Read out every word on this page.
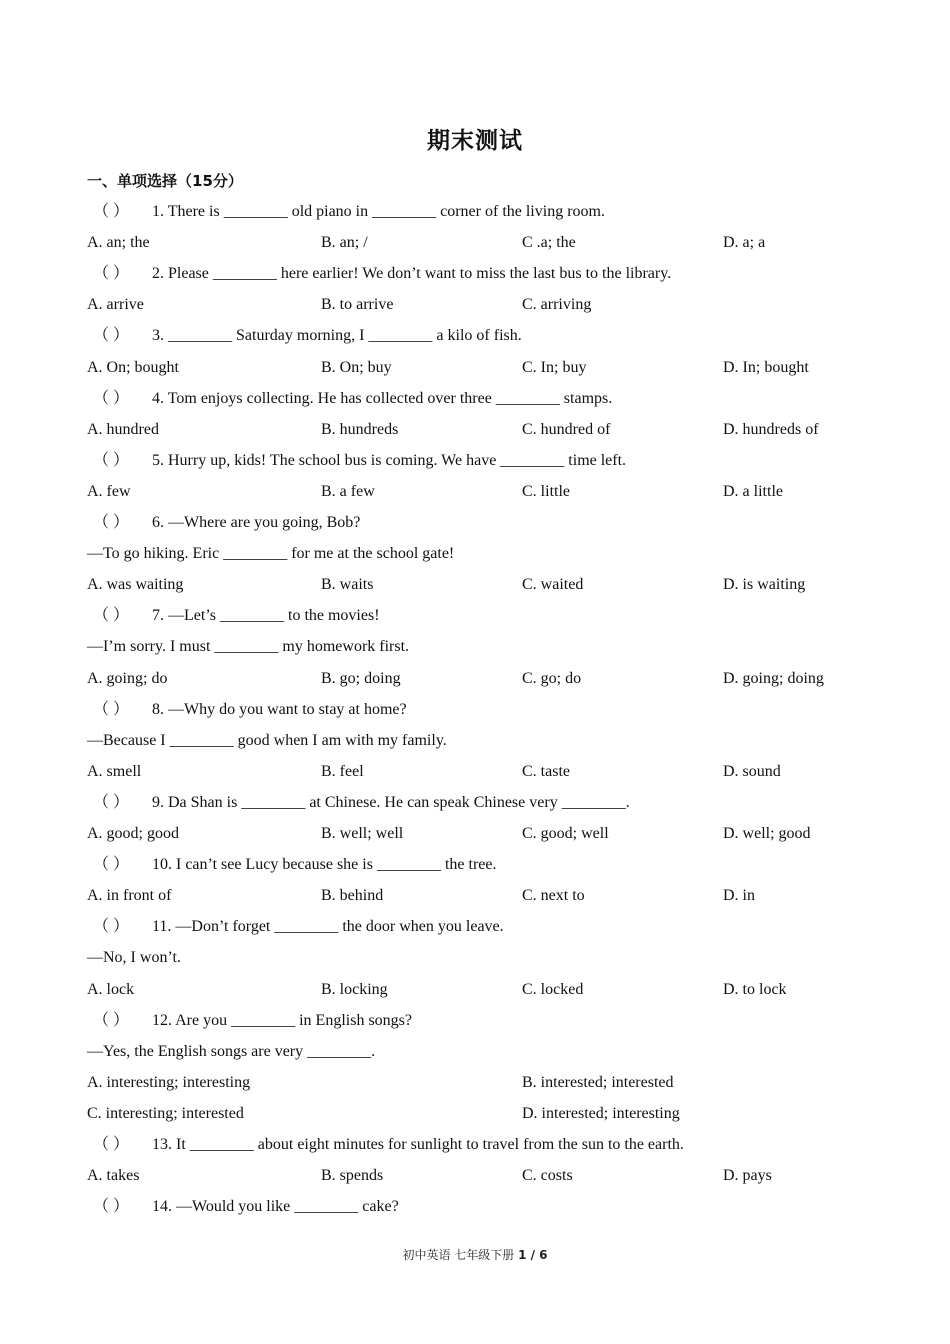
期末测试
一、单项选择（15分）
（ ） 1. There is ________ old piano in ________ corner of the living room.
A. an; the	B. an; /	C .a; the	D. a; a
（ ） 2. Please ________ here earlier! We don’t want to miss the last bus to the library.
A. arrive	B. to arrive	C. arriving
（ ） 3. ________ Saturday morning, I ________ a kilo of fish.
A. On; bought	B. On; buy	C. In; buy	D. In; bought
（ ） 4. Tom enjoys collecting. He has collected over three ________ stamps.
A. hundred	B. hundreds	C. hundred of	D. hundreds of
（ ） 5. Hurry up, kids! The school bus is coming. We have ________ time left.
A. few	B. a few	C. little	D. a little
（ ） 6. —Where are you going, Bob?
—To go hiking. Eric ________ for me at the school gate!
A. was waiting	B. waits	C. waited	D. is waiting
（ ） 7. —Let’s ________ to the movies!
—I’m sorry. I must ________ my homework first.
A. going; do	B. go; doing	C. go; do	D. going; doing
（ ） 8. —Why do you want to stay at home?
—Because I ________ good when I am with my family.
A. smell	B. feel	C. taste	D. sound
（ ） 9. Da Shan is ________ at Chinese. He can speak Chinese very ________.
A. good; good	B. well; well	C. good; well	D. well; good
（ ） 10. I can’t see Lucy because she is ________ the tree.
A. in front of	B. behind	C. next to	D. in
（ ） 11. —Don’t forget ________ the door when you leave.
—No, I won’t.
A. lock	B. locking	C. locked	D. to lock
（ ） 12. Are you ________ in English songs?
—Yes, the English songs are very ________.
A. interesting; interesting	B. interested; interested
C. interesting; interested	D. interested; interesting
（ ） 13. It ________ about eight minutes for sunlight to travel from the sun to the earth.
A. takes	B. spends	C. costs	D. pays
（ ） 14. —Would you like ________ cake?
初中英语 七年级下册 1 / 6
